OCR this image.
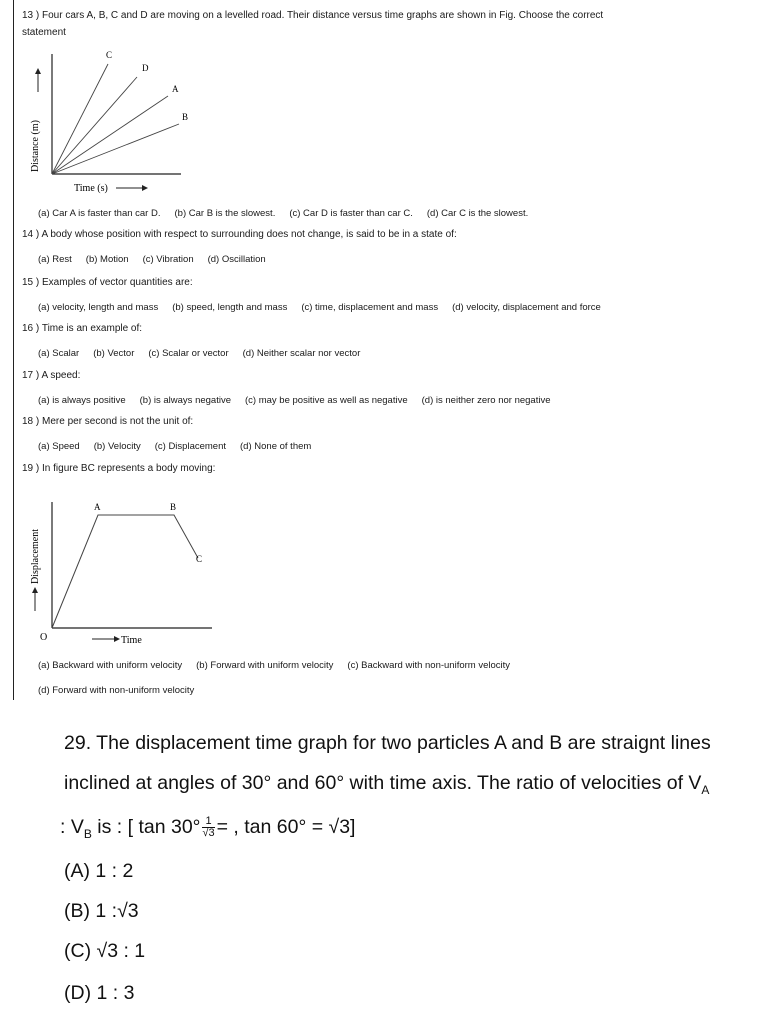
13 ) Four cars A, B, C and D are moving on a levelled road. Their distance versus time graphs are shown in Fig. Choose the correct
statement
C
D
A
B
Time (s)
Distance (m)
(a) Car A is faster than car D. (b) Car B is the slowest. (c) Car D is faster than car C. (d) Car C is the slowest.
14 ) A body whose position with respect to surrounding does not change, is said to be in a state of:
(a) Rest (b) Motion (c) Vibration (d) Oscillation
15 ) Examples of vector quantities are:
(a) velocity, length and mass (b) speed, length and mass (c) time, displacement and mass (d) velocity, displacement and force
16 ) Time is an example of:
(a) Scalar (b) Vector (c) Scalar or vector (d) Neither scalar nor vector
17 ) A speed:
(a) is always positive (b) is always negative (c) may be positive as well as negative (d) is neither zero nor negative
18 ) Mere per second is not the unit of:
(a) Speed (b) Velocity (c) Displacement (d) None of them
19 ) In figure BC represents a body moving:
O
A	B
C
Time
Displacement
(a) Backward with uniform velocity (b) Forward with uniform velocity (c) Backward with non-uniform velocity
(d) Forward with non-uniform velocity
29. The displacement time graph for two particles A and B are straignt lines
inclined at angles of 30° and 60° with time axis. The ratio of velocities of $V_A$
: $V_B$ is : [ $\tan 30^\circ \frac{1}{√3}$ = , tan 60° = √3]
(A) 1 : 2
(B) 1 :√3
(C) √3 : 1
(D) 1 : 3
